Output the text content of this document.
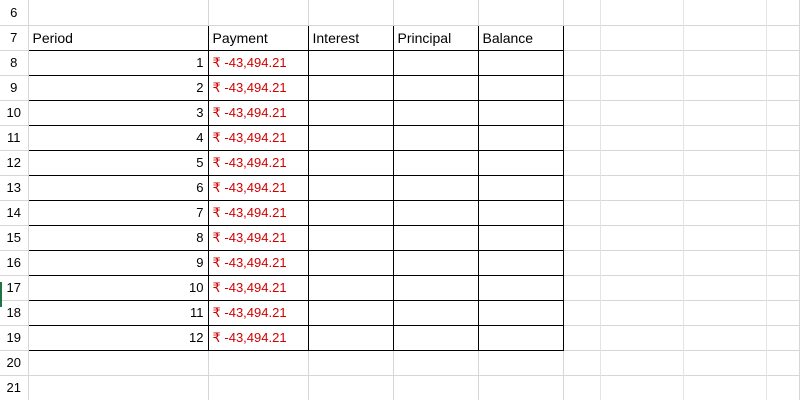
6	

7	Period	Payment	Interest	Principal	Balance	

8	1	₹ -43,494.21				

9	2	₹ -43,494.21				

10	3	₹ -43,494.21				

11	4	₹ -43,494.21				

12	5	₹ -43,494.21				

13	6	₹ -43,494.21				

14	7	₹ -43,494.21				

15	8	₹ -43,494.21				

16	9	₹ -43,494.21				

17	10	₹ -43,494.21				

18	11	₹ -43,494.21				

19	12	₹ -43,494.21				

20	

21	
